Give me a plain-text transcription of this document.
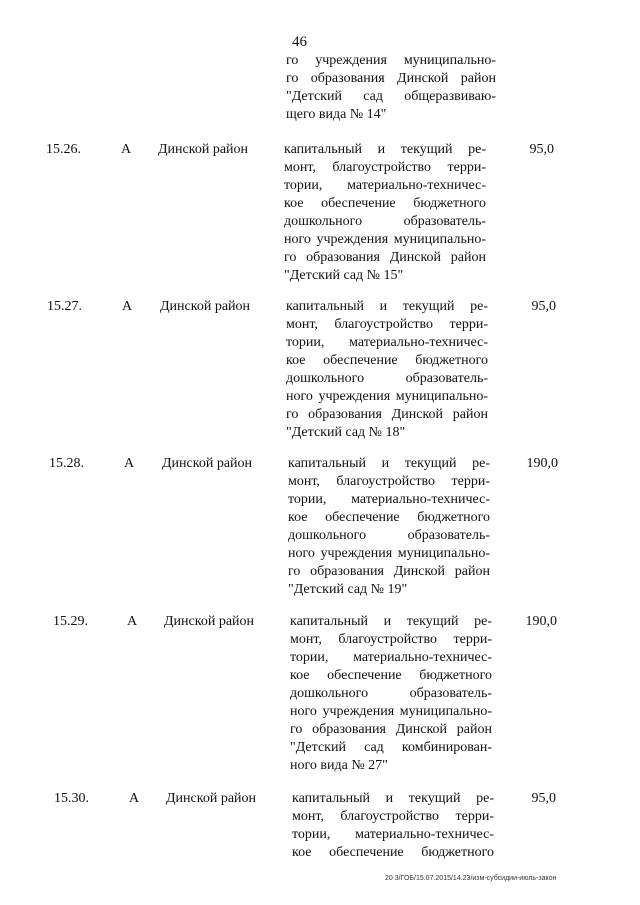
46
го учреждения муниципально-
го образования Динской район
"Детский сад общеразвиваю-
щего вида № 14"
15.26.	А Динской район	капитальный и текущий ре-
монт, благоустройство терри-
тории, материально-техничес-
кое обеспечение бюджетного
дошкольного образователь-
ного учреждения муниципально-
го образования Динской район
"Детский сад № 15"
95,0
15.27.	А Динской район	капитальный и текущий ре-
монт, благоустройство терри-
тории, материально-техничес-
кое обеспечение бюджетного
дошкольного образователь-
ного учреждения муниципально-
го образования Динской район
"Детский сад № 18"
95,0
15.28.	А Динской район	капитальный и текущий ре-
монт, благоустройство терри-
тории, материально-техничес-
кое обеспечение бюджетного
дошкольного образователь-
ного учреждения муниципально-
го образования Динской район
"Детский сад № 19"
190,0
15.29.	А Динской район	капитальный и текущий ре-
монт, благоустройство терри-
тории, материально-техничес-
кое обеспечение бюджетного
дошкольного образователь-
ного учреждения муниципально-
го образования Динской район
"Детский сад комбинирован-
ного вида № 27"
190,0
15.30.	А Динской район	капитальный и текущий ре-
монт, благоустройство терри-
тории, материально-техничес-
кое обеспечение бюджетного
95,0
20 3/ГОБ/15.07.2015/14.23/изм-субсидии-июль-закон
